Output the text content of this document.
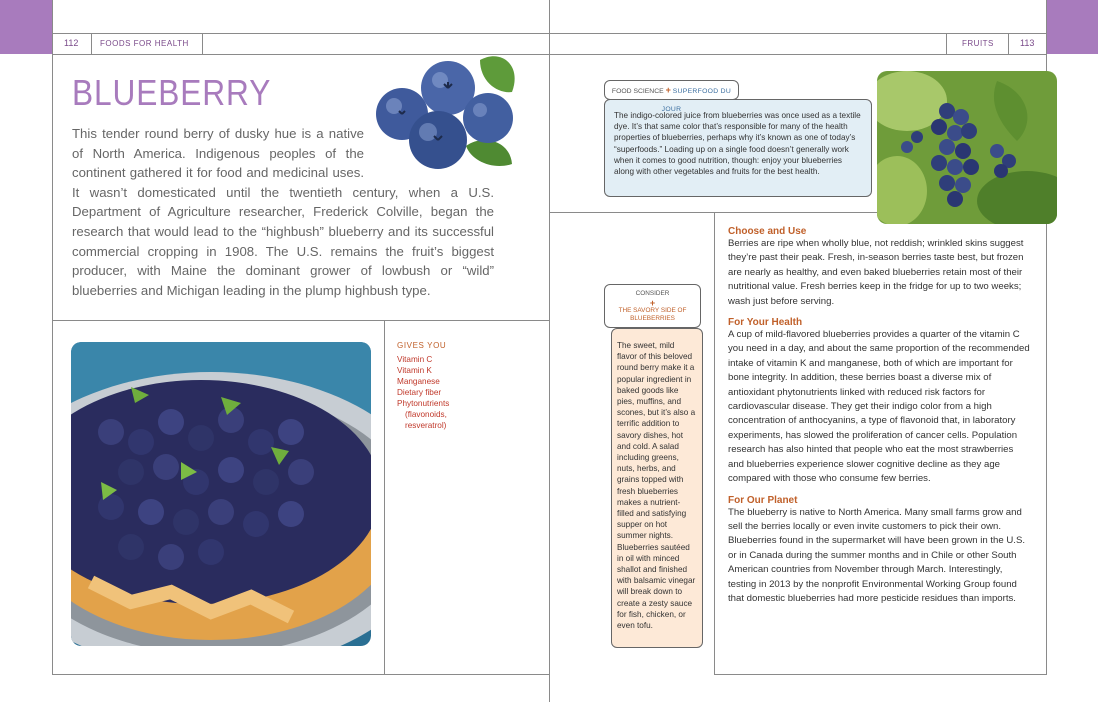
112	FOODS FOR HEALTH	FRUITS	113
BLUEBERRY
This tender round berry of dusky hue is a native of North America. Indigenous peoples of the continent gathered it for food and medicinal uses. It wasn’t domesticated until the twentieth century, when a U.S. Department of Agriculture researcher, Frederick Colville, began the research that would lead to the “highbush” blueberry and its successful commercial cropping in 1908. The U.S. remains the fruit’s biggest producer, with Maine the dominant grower of lowbush or “wild” blueberries and Michigan leading in the plump highbush type.
GIVES YOU
Vitamin C
Vitamin K
Manganese
Dietary fiber
Phytonutrients
(flavonoids,
resveratrol)
The indigo-colored juice from blueberries was once used as a textile dye. It’s that same color that’s responsible for many of the health properties of blueberries, perhaps why it’s known as one of today’s “superfoods.” Loading up on a single food doesn’t generally work when it comes to good nutrition, though: enjoy your blueberries along with other vegetables and fruits for the best health.
FOOD SCIENCE + SUPERFOOD DU JOUR
The sweet, mild flavor of this beloved round berry make it a popular ingredient in baked goods like pies, muffins, and scones, but it’s also a terrific addition to savory dishes, hot and cold. A salad including greens, nuts, herbs, and grains topped with fresh blueberries makes a nutrient-filled and satisfying supper on hot summer nights. Blueberries sautéed in oil with minced shallot and finished with balsamic vinegar will break down to create a zesty sauce for fish, chicken, or even tofu.
CONSIDER
+
THE SAVORY SIDE OF BLUEBERRIES

Choose and Use

Berries are ripe when wholly blue, not reddish; wrinkled skins suggest they’re past their peak. Fresh, in-season berries taste best, but frozen are nearly as healthy, and even baked blueberries retain most of their nutritional value. Fresh berries keep in the fridge for up to two weeks; wash just before serving.

For Your Health

A cup of mild-flavored blueberries provides a quarter of the vitamin C you need in a day, and about the same proportion of the recommended intake of vitamin K and manganese, both of which are important for bone integrity. In addition, these berries boast a diverse mix of antioxidant phytonutrients linked with reduced risk factors for cardiovascular disease. They get their indigo color from a high concentration of anthocyanins, a type of flavonoid that, in laboratory experiments, has slowed the proliferation of cancer cells. Population research has also hinted that people who eat the most strawberries and blueberries experience slower cognitive decline as they age compared with those who consume few berries.

For Our Planet

The blueberry is native to North America. Many small farms grow and sell the berries locally or even invite customers to pick their own. Blueberries found in the supermarket will have been grown in the U.S. or in Canada during the summer months and in Chile or other South American countries from November through March. Interestingly, testing in 2013 by the nonprofit Environmental Working Group found that domestic blueberries had more pesticide residues than imports.
